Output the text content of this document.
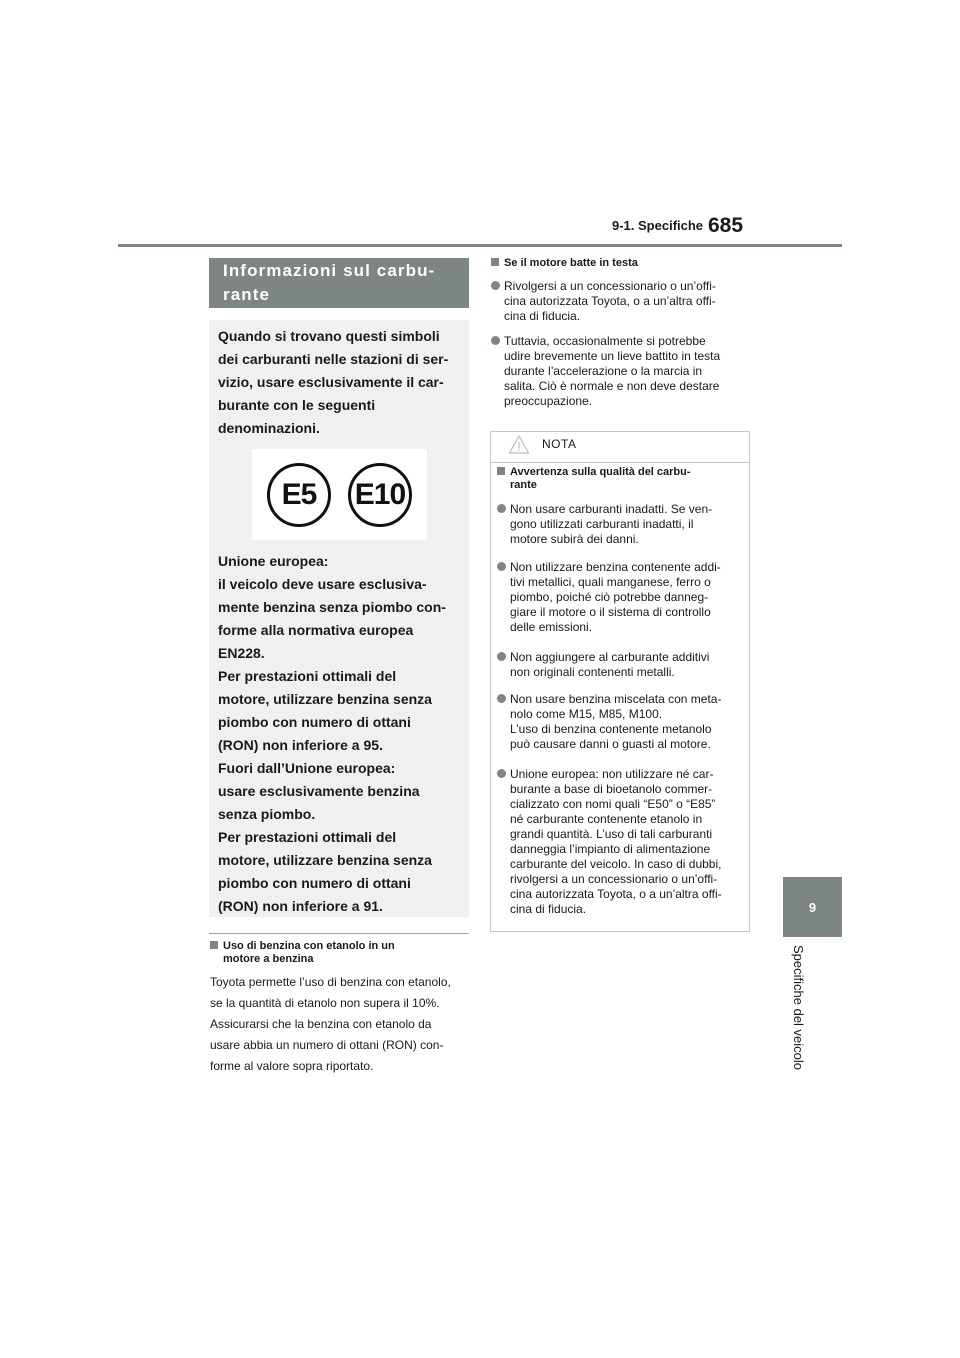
9-1. Specifiche 685
9
Specifiche del veicolo
Informazioni sul carbu-
rante
Quando si trovano questi simboli
dei carburanti nelle stazioni di ser-
vizio, usare esclusivamente il car-
burante con le seguenti
denominazioni.
E5	E10
Unione europea:
il veicolo deve usare esclusiva-
mente benzina senza piombo con-
forme alla normativa europea
EN228.
Per prestazioni ottimali del
motore, utilizzare benzina senza
piombo con numero di ottani
(RON) non inferiore a 95.
Fuori dall’Unione europea:
usare esclusivamente benzina
senza piombo.
Per prestazioni ottimali del
motore, utilizzare benzina senza
piombo con numero di ottani
(RON) non inferiore a 91.
Uso di benzina con etanolo in un
motore a benzina
Toyota permette l’uso di benzina con etanolo,
se la quantità di etanolo non supera il 10%.
Assicurarsi che la benzina con etanolo da
usare abbia un numero di ottani (RON) con-
forme al valore sopra riportato.
Se il motore batte in testa
Rivolgersi a un concessionario o un’offi-
cina autorizzata Toyota, o a un’altra offi-
cina di fiducia.
Tuttavia, occasionalmente si potrebbe
udire brevemente un lieve battito in testa
durante l’accelerazione o la marcia in
salita. Ciò è normale e non deve destare
preoccupazione.
NOTA
Avvertenza sulla qualità del carbu-
rante
Non usare carburanti inadatti. Se ven-
gono utilizzati carburanti inadatti, il
motore subirà dei danni.
Non utilizzare benzina contenente addi-
tivi metallici, quali manganese, ferro o
piombo, poiché ciò potrebbe danneg-
giare il motore o il sistema di controllo
delle emissioni.
Non aggiungere al carburante additivi
non originali contenenti metalli.
Non usare benzina miscelata con meta-
nolo come M15, M85, M100.
L’uso di benzina contenente metanolo
può causare danni o guasti al motore.
Unione europea: non utilizzare né car-
burante a base di bioetanolo commer-
cializzato con nomi quali “E50” o “E85”
né carburante contenente etanolo in
grandi quantità. L’uso di tali carburanti
danneggia l’impianto di alimentazione
carburante del veicolo. In caso di dubbi,
rivolgersi a un concessionario o un’offi-
cina autorizzata Toyota, o a un’altra offi-
cina di fiducia.
